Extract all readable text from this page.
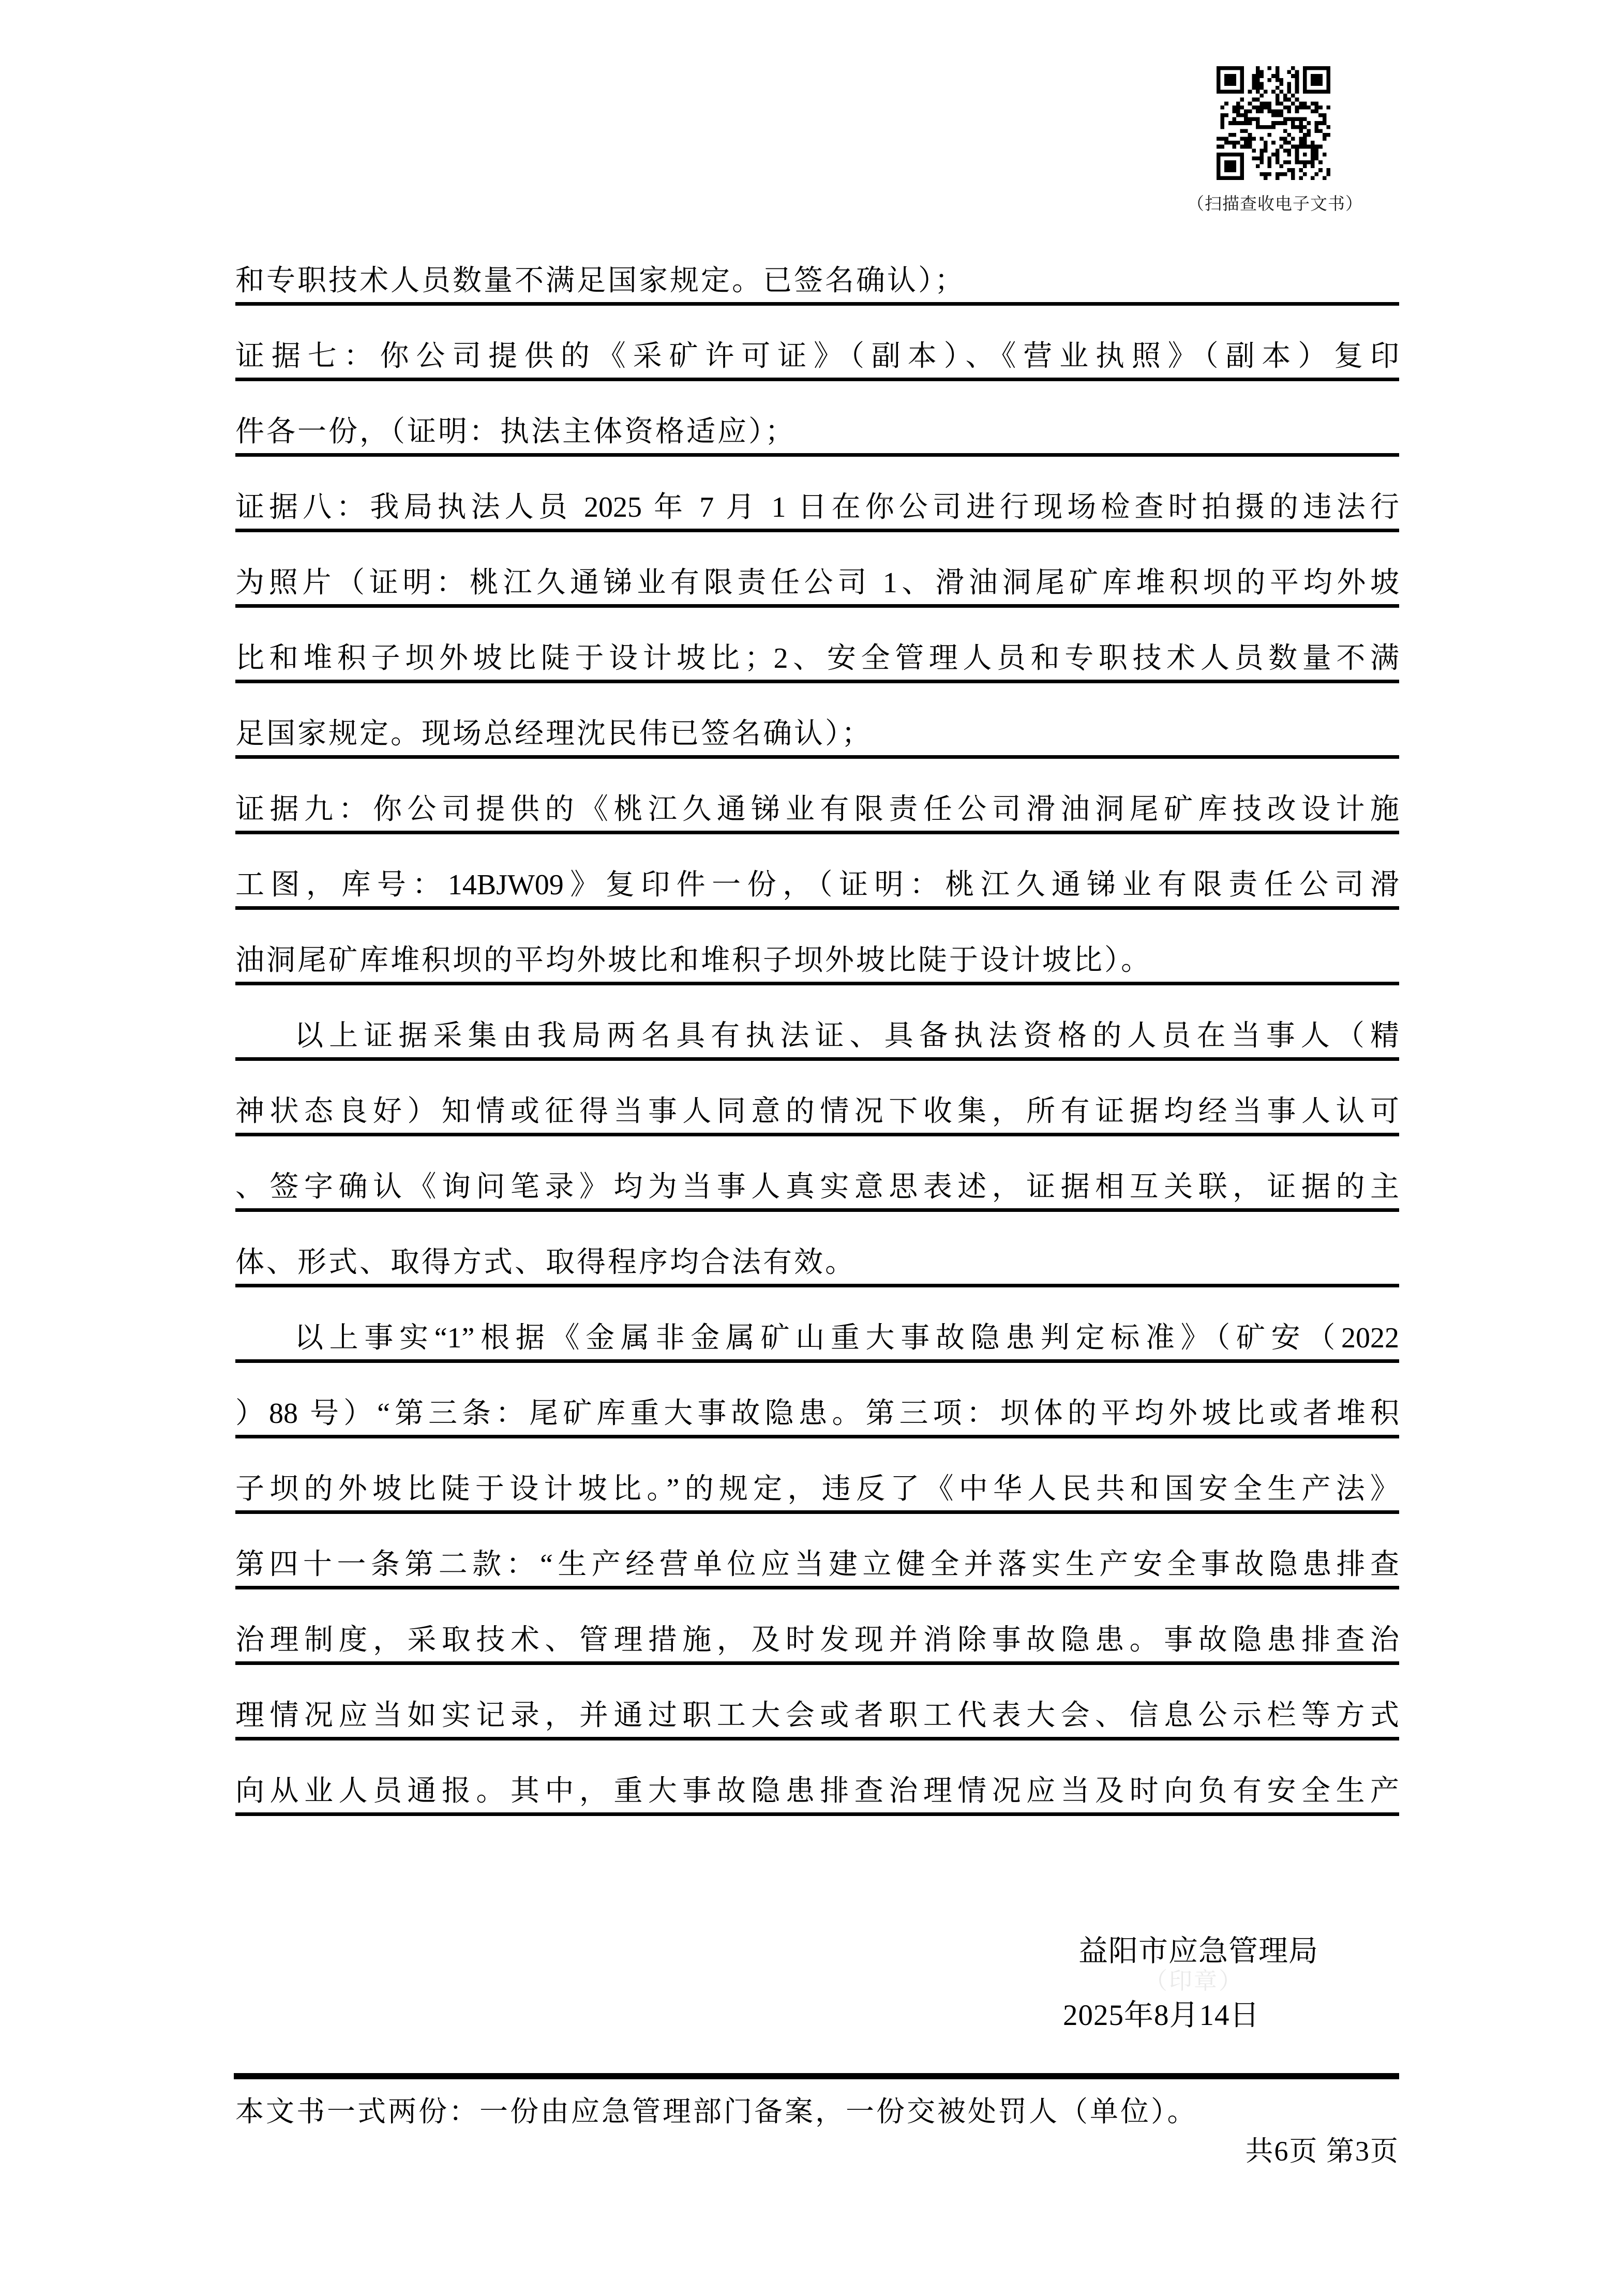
（扫描查收电子文书）
和专职技术人员数量不满足国家规定。已签名确认）；
证据七：你公司提供的《采矿许可证》（副本）、《营业执照》（副本）复印
件各一份，（证明：执法主体资格适应）；
证据八：我局执法人员 2025 年 7 月 1 日在你公司进行现场检查时拍摄的违法行
为照片（证明：桃江久通锑业有限责任公司 1、滑油洞尾矿库堆积坝的平均外坡
比和堆积子坝外坡比陡于设计坡比；2、安全管理人员和专职技术人员数量不满
足国家规定。现场总经理沈民伟已签名确认）；
证据九：你公司提供的《桃江久通锑业有限责任公司滑油洞尾矿库技改设计施
工图，库号：14BJW09》复印件一份，（证明：桃江久通锑业有限责任公司滑
油洞尾矿库堆积坝的平均外坡比和堆积子坝外坡比陡于设计坡比）。
以上证据采集由我局两名具有执法证、具备执法资格的人员在当事人（精
神状态良好）知情或征得当事人同意的情况下收集，所有证据均经当事人认可
、签字确认《询问笔录》均为当事人真实意思表述，证据相互关联，证据的主
体、形式、取得方式、取得程序均合法有效。
以上事实“1”根据《金属非金属矿山重大事故隐患判定标准》（矿安（2022
）88 号）“第三条：尾矿库重大事故隐患。第三项：坝体的平均外坡比或者堆积
子坝的外坡比陡于设计坡比。”的规定，违反了《中华人民共和国安全生产法》
第四十一条第二款：“生产经营单位应当建立健全并落实生产安全事故隐患排查
治理制度，采取技术、管理措施，及时发现并消除事故隐患。事故隐患排查治
理情况应当如实记录，并通过职工大会或者职工代表大会、信息公示栏等方式
向从业人员通报。其中，重大事故隐患排查治理情况应当及时向负有安全生产
益阳市应急管理局
（印章）
2025年8月14日
本文书一式两份：一份由应急管理部门备案，一份交被处罚人（单位）。
共6页 第3页
